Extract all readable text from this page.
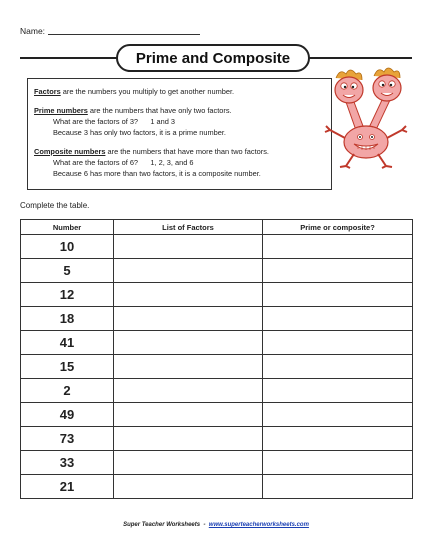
Name:
Prime and Composite
Factors are the numbers you multiply to get another number.
Prime numbers are the numbers that have only two factors.
What are the factors of 3? 1 and 3
Because 3 has only two factors, it is a prime number.
Composite numbers are the numbers that have more than two factors.
What are the factors of 6? 1, 2, 3, and 6
Because 6 has more than two factors, it is a composite number.
Complete the table.
Number	List of Factors	Prime or composite?
10		
5		
12		
18		
41		
15		
2		
49		
73		
33		
21		
Super Teacher Worksheets - www.superteacherworksheets.com
